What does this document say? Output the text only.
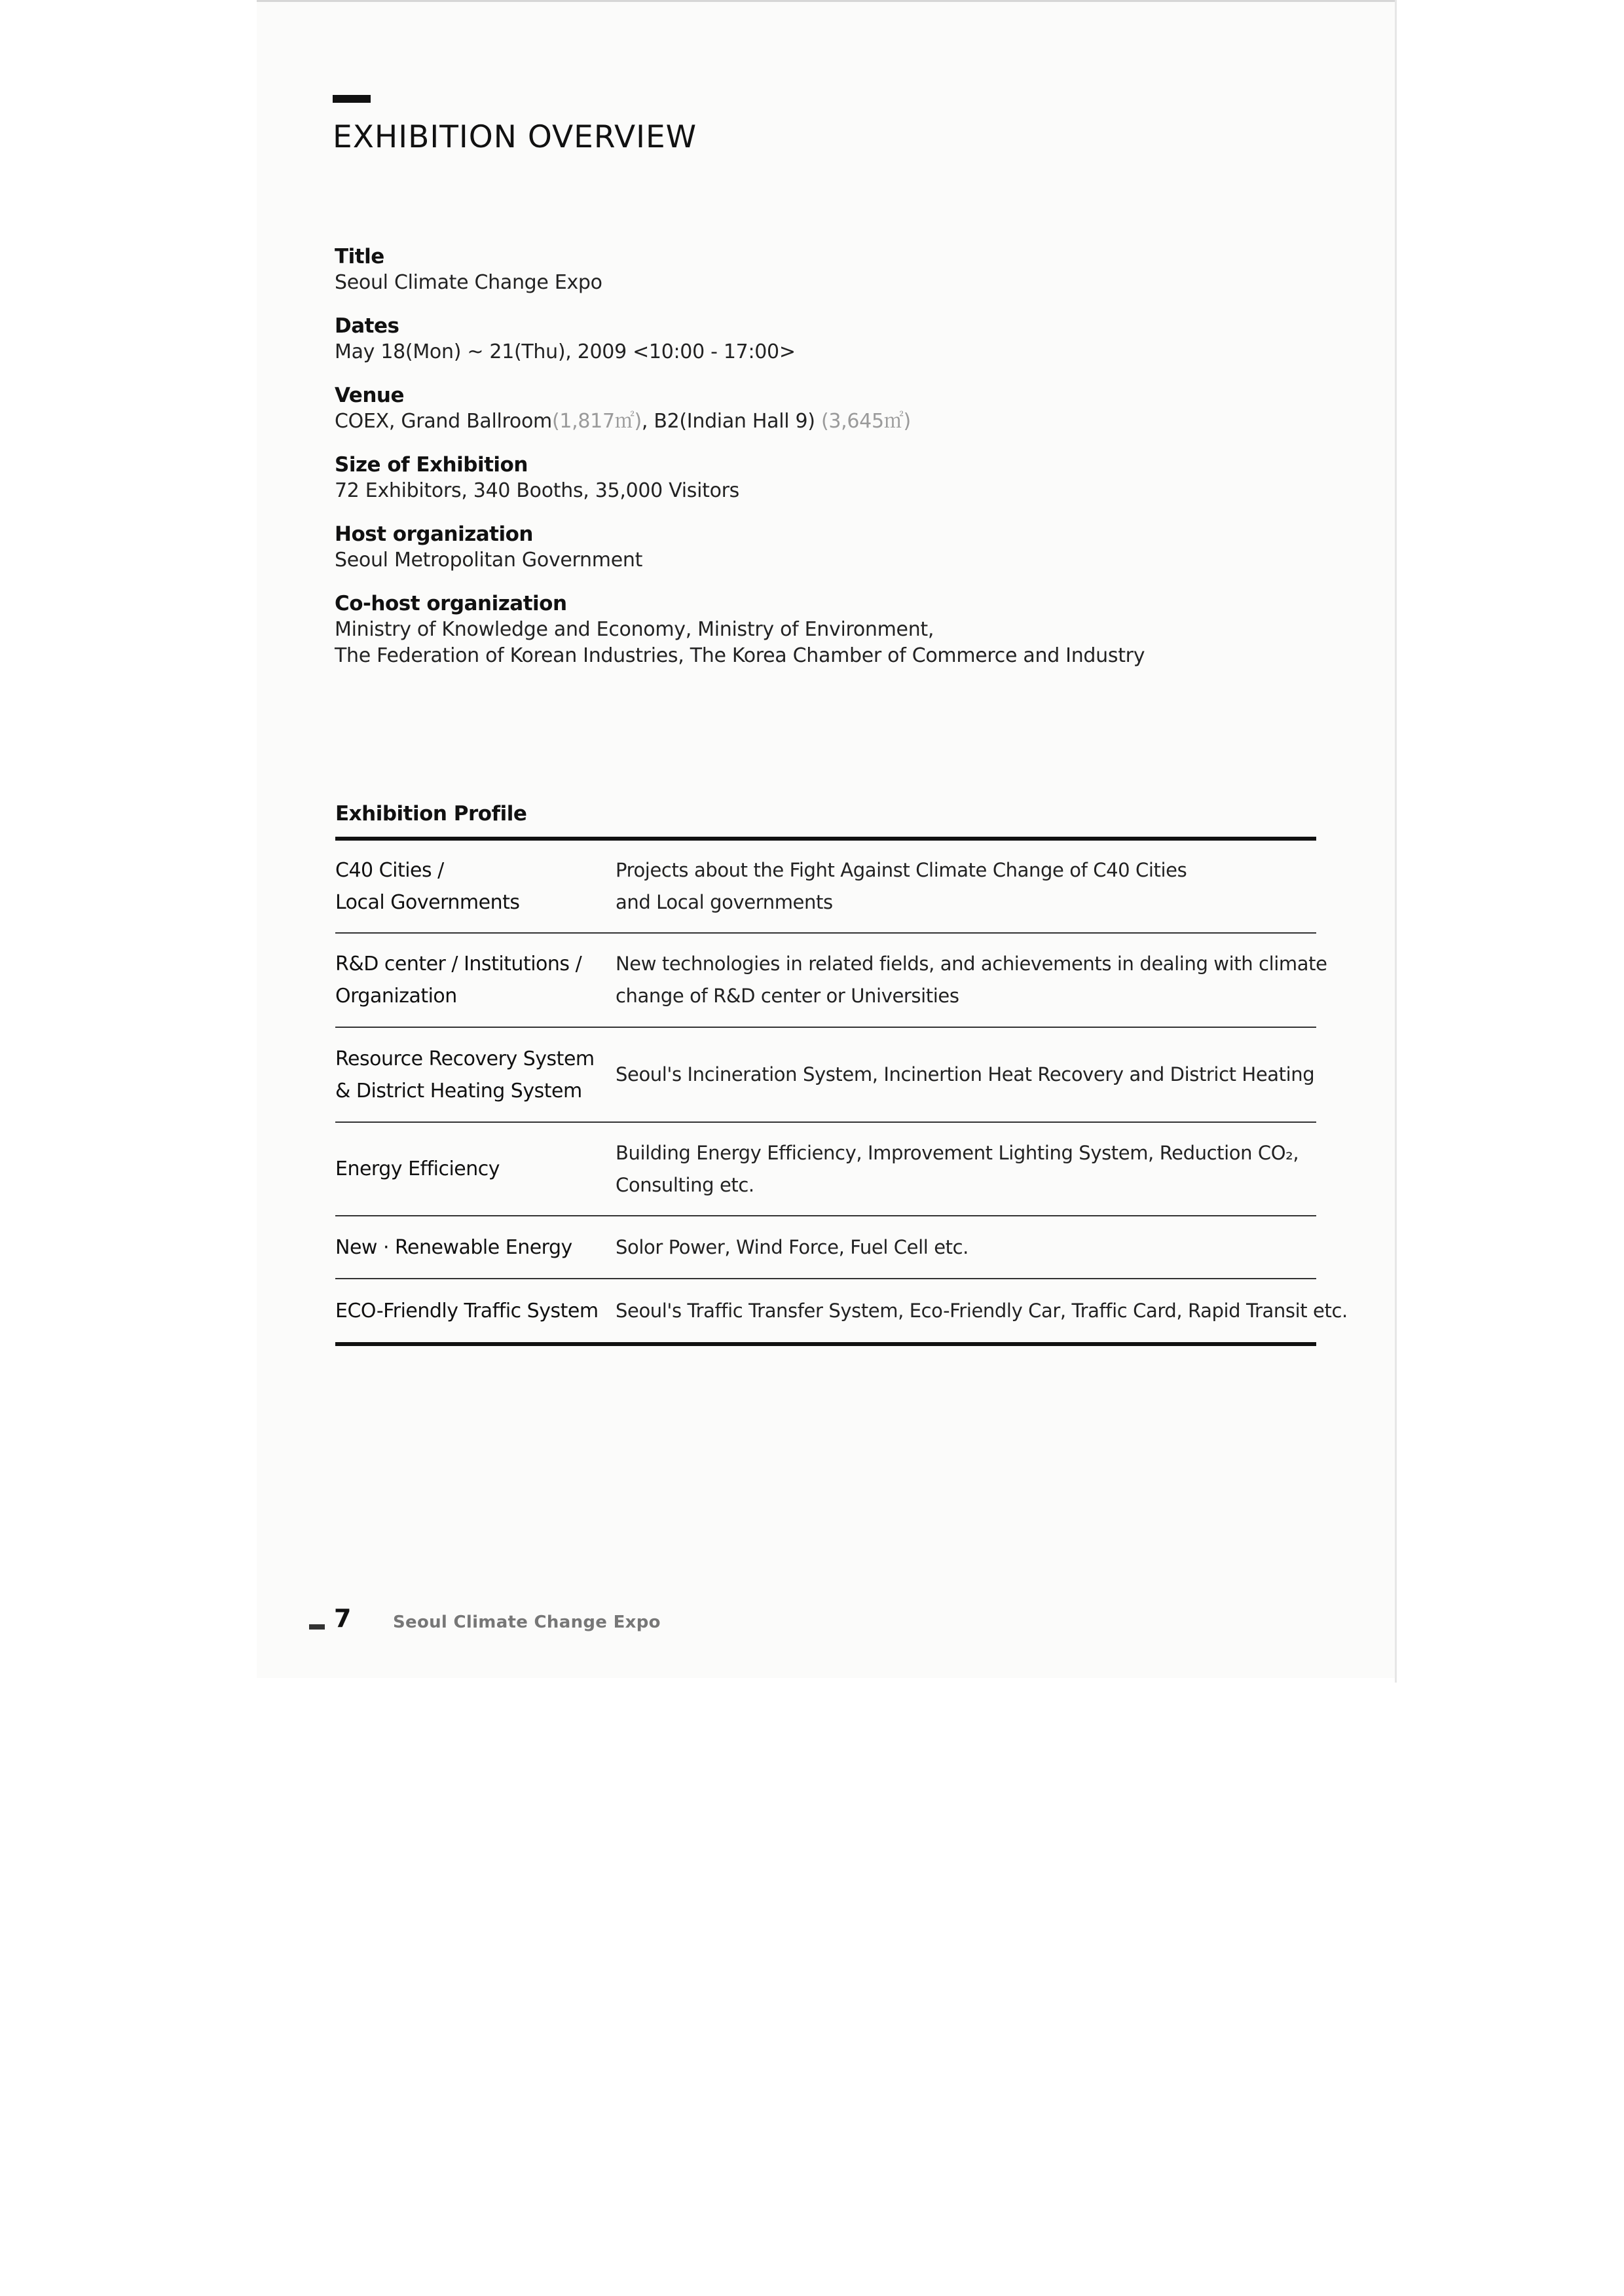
EXHIBITION OVERVIEW
Title
Seoul Climate Change Expo
Dates
May 18(Mon) ~ 21(Thu), 2009 <10:00 - 17:00>
Venue
COEX, Grand Ballroom(1,817㎡), B2(Indian Hall 9) (3,645㎡)
Size of Exhibition
72 Exhibitors, 340 Booths, 35,000 Visitors
Host organization
Seoul Metropolitan Government
Co-host organization
Ministry of Knowledge and Economy, Ministry of Environment,
The Federation of Korean Industries, The Korea Chamber of Commerce and Industry
Exhibition Profile
C40 Cities /
Local Governments
Projects about the Fight Against Climate Change of C40 Cities
and Local governments
R&D center / Institutions /
Organization
New technologies in related fields, and achievements in dealing with climate
change of R&D center or Universities
Resource Recovery System
& District Heating System
Seoul's Incineration System, Incinertion Heat Recovery and District Heating
Energy Efficiency
Building Energy Efficiency, Improvement Lighting System, Reduction CO₂,
Consulting etc.
New · Renewable Energy	Solor Power, Wind Force, Fuel Cell etc.
ECO-Friendly Traffic System Seoul's Traffic Transfer System, Eco-Friendly Car, Traffic Card, Rapid Transit etc.
7 Seoul Climate Change Expo
